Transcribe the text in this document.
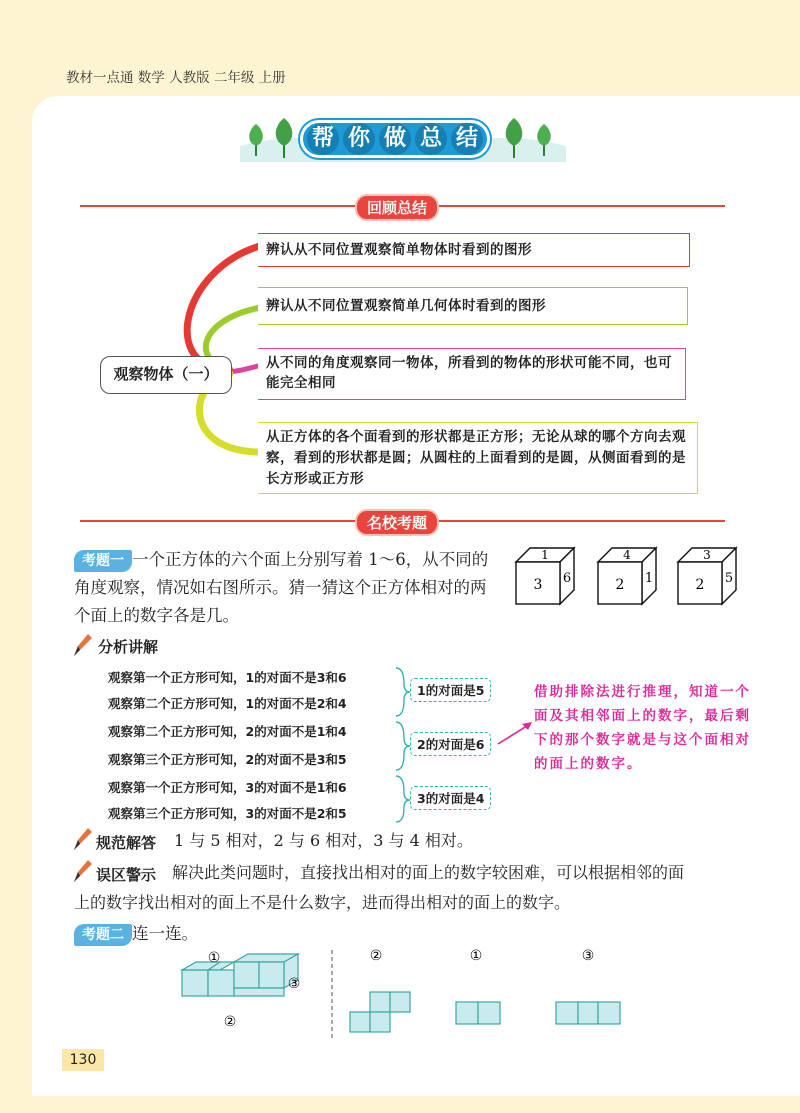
教材一点通 数学 人教版 二年级 上册
帮 你 做 总 结
回顾总结
观察物体（一）
辨认从不同位置观察简单物体时看到的图形
辨认从不同位置观察简单几何体时看到的图形
从不同的角度观察同一物体，所看到的物体的形状可能不同，也可能完全相同
从正方体的各个面看到的形状都是正方形；无论从球的哪个方向去观察，看到的形状都是圆；从圆柱的上面看到的是圆，从侧面看到的是长方形或正方形
名校考题
考题一 一个正方体的六个面上分别写着 1～6，从不同的
角度观察，情况如右图所示。猜一猜这个正方体相对的两
个面上的数字各是几。
1
3 6
4
2 1
3
2 5
分析讲解
观察第一个正方形可知，1的对面不是3和6
观察第二个正方形可知，1的对面不是2和4
观察第二个正方形可知，2的对面不是1和4
观察第三个正方形可知，2的对面不是3和5
观察第一个正方形可知，3的对面不是1和6
观察第三个正方形可知，3的对面不是2和5
1的对面是5
2的对面是6
3的对面是4
借助排除法进行推理，知道一个面及其相邻面上的数字，最后剩下的那个数字就是与这个面相对的面上的数字。
规范解答 1 与 5 相对，2 与 6 相对，3 与 4 相对。
误区警示 解决此类问题时，直接找出相对的面上的数字较困难，可以根据相邻的面
上的数字找出相对的面上不是什么数字，进而得出相对的面上的数字。
考题二 连一连。
①
②
③
②	①	③
130
